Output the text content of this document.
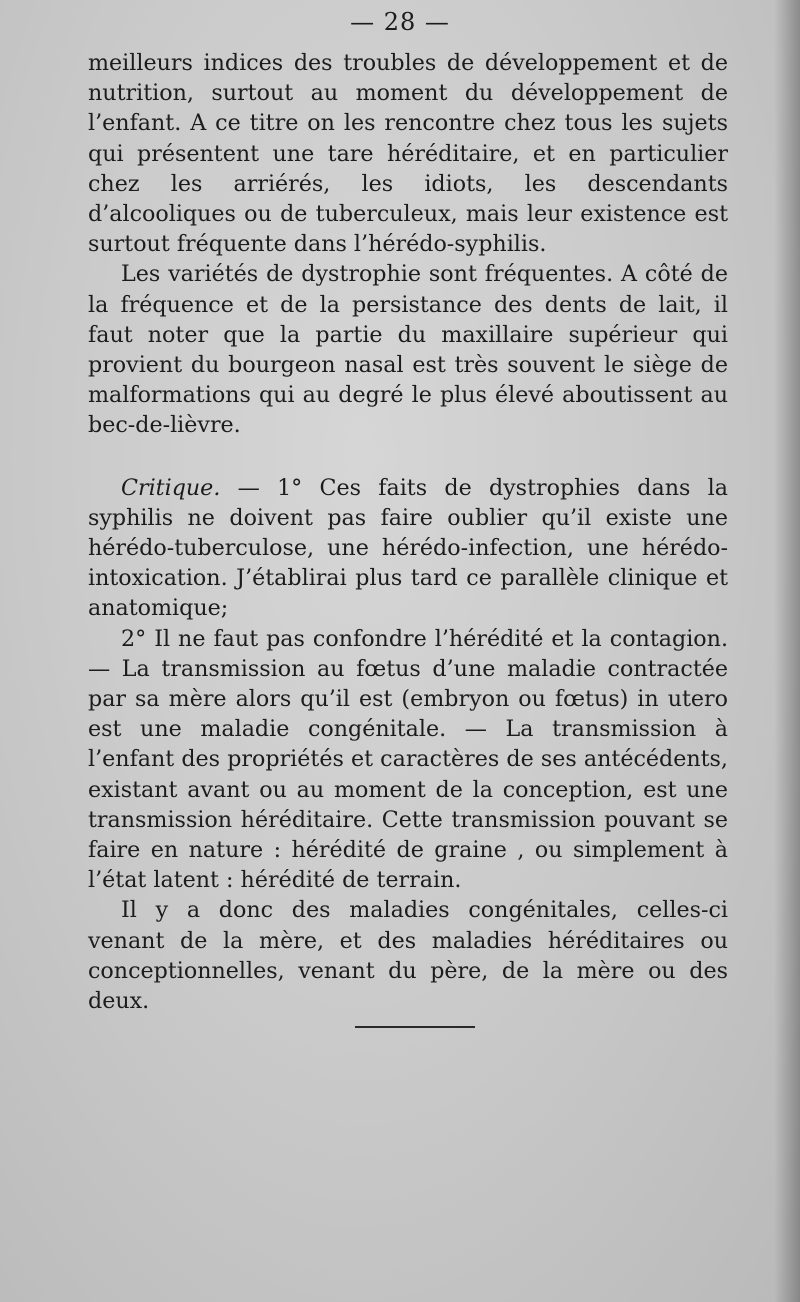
— 28 —

meilleurs indices des troubles de développement et de nutrition, surtout au moment du développement de l’enfant. A ce titre on les rencontre chez tous les sujets qui présentent une tare héréditaire, et en particulier chez les arriérés, les idiots, les descendants d’alcooliques ou de tuberculeux, mais leur existence est surtout fréquente dans l’hérédo-syphilis.

Les variétés de dystrophie sont fréquentes. A côté de la fréquence et de la persistance des dents de lait, il faut noter que la partie du maxillaire supérieur qui provient du bourgeon nasal est très souvent le siège de malformations qui au degré le plus élevé aboutissent au bec-de-lièvre.

Critique. — 1° Ces faits de dystrophies dans la syphilis ne doivent pas faire oublier qu’il existe une hérédo-tuberculose, une hérédo-infection, une hérédo-intoxication. J’établirai plus tard ce parallèle clinique et anatomique;

2° Il ne faut pas confondre l’hérédité et la contagion. — La transmission au fœtus d’une maladie contractée par sa mère alors qu’il est (embryon ou fœtus) in utero est une maladie congénitale. — La transmission à l’enfant des propriétés et caractères de ses antécédents, existant avant ou au moment de la conception, est une transmission héréditaire. Cette transmission pouvant se faire en nature : hérédité de graine , ou simplement à l’état latent : hérédité de terrain.

Il y a donc des maladies congénitales, celles-ci venant de la mère, et des maladies héréditaires ou conceptionnelles, venant du père, de la mère ou des deux.
